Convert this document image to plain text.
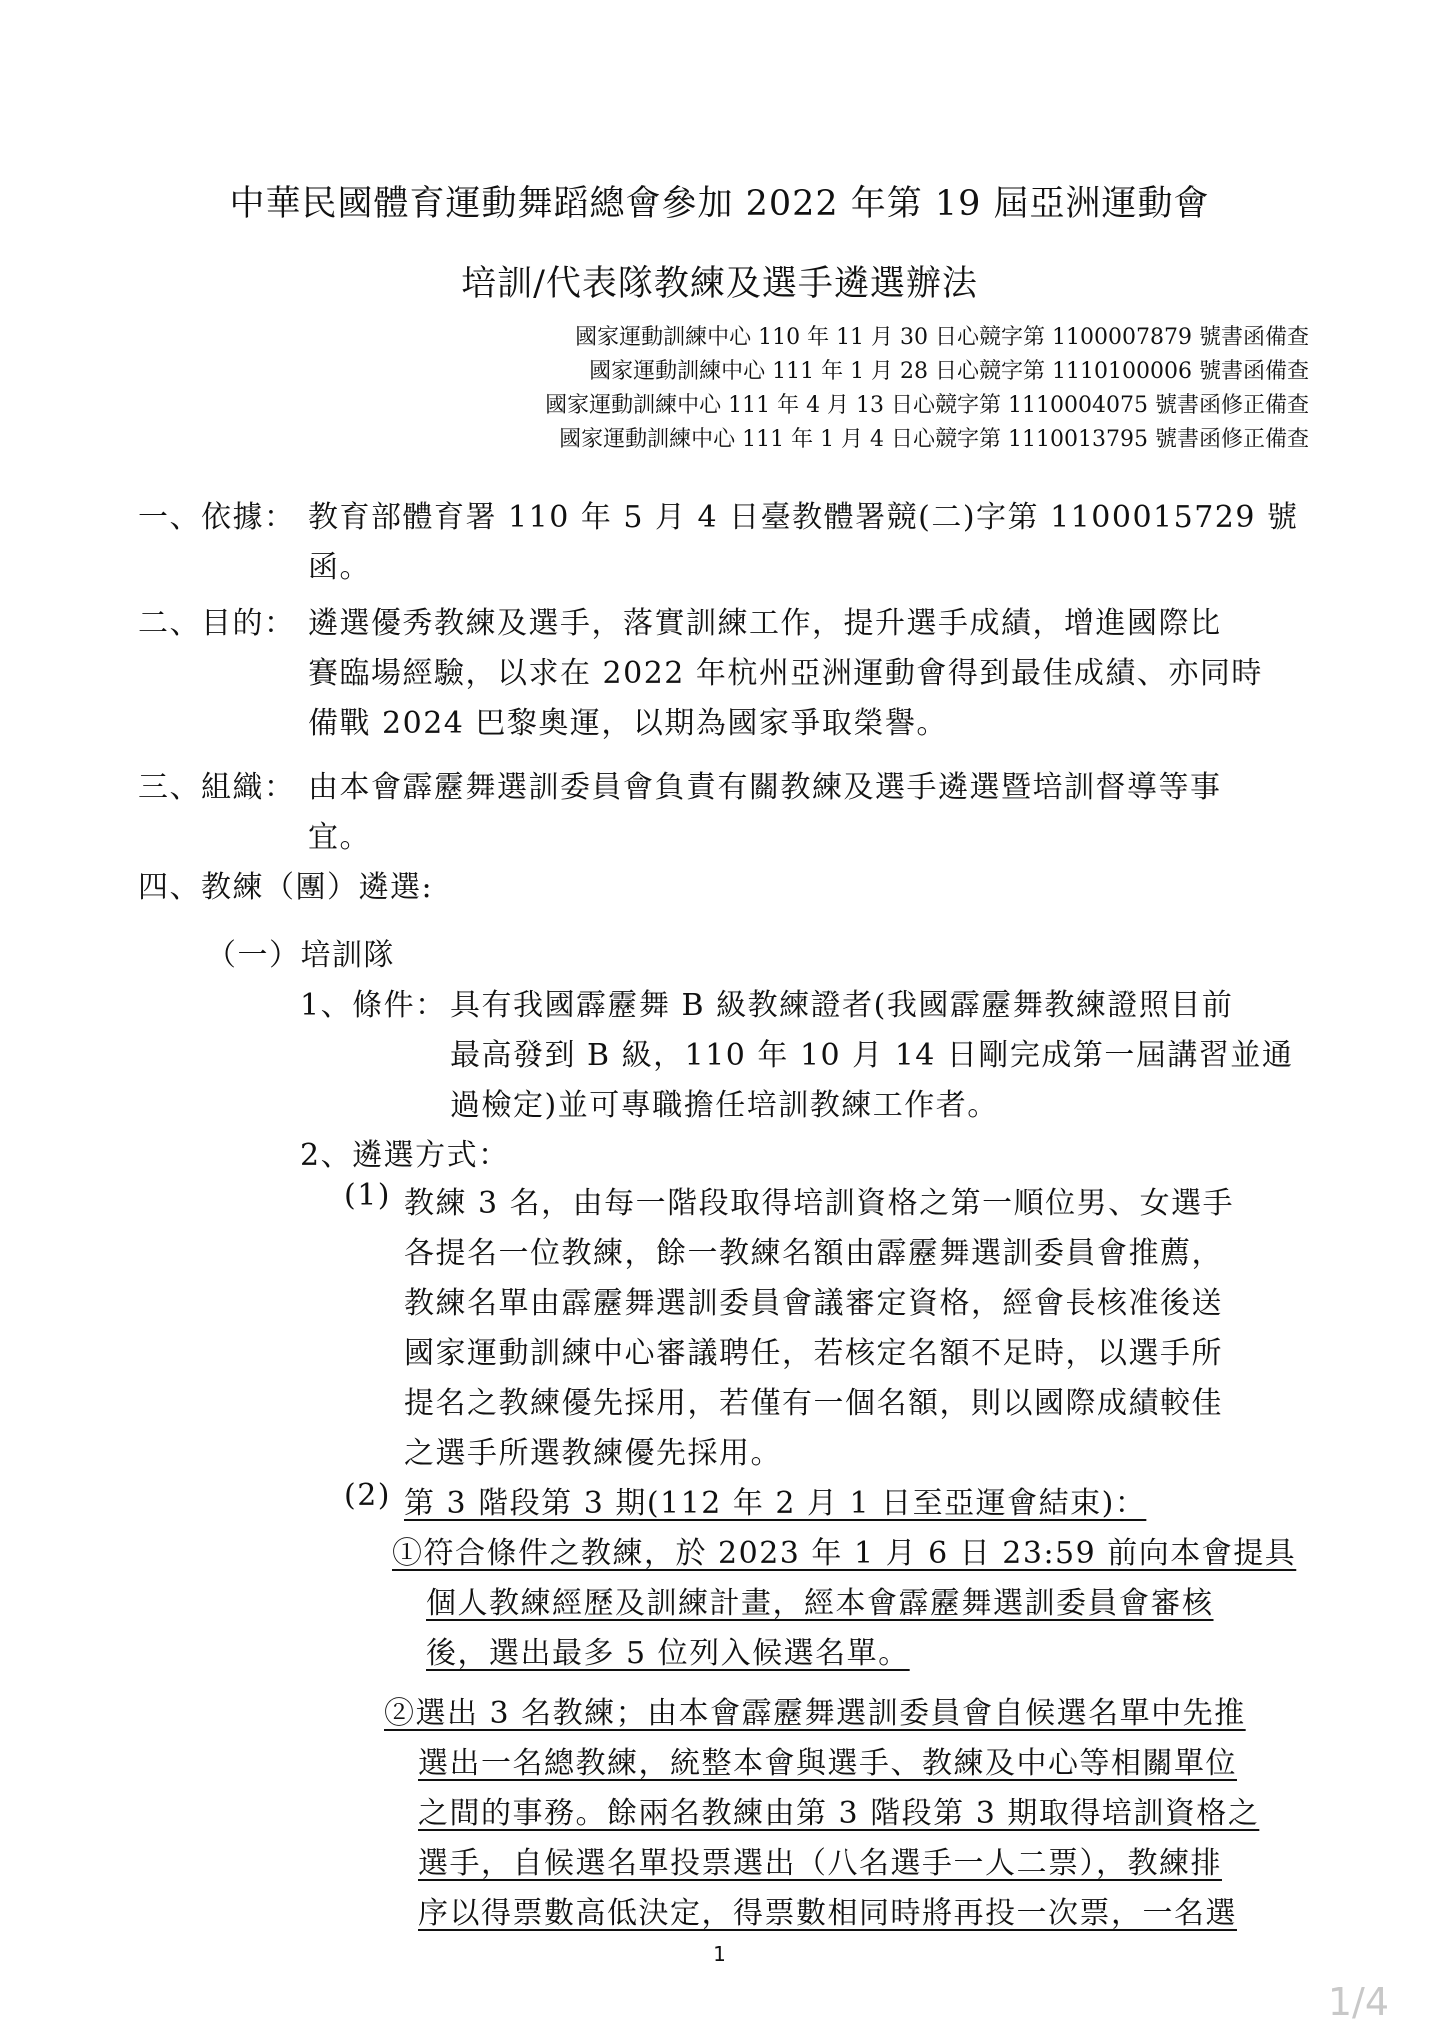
中華民國體育運動舞蹈總會參加 2022 年第 19 屆亞洲運動會
培訓/代表隊教練及選手遴選辦法
國家運動訓練中心 110 年 11 月 30 日心競字第 1100007879 號書函備查
國家運動訓練中心 111 年 1 月 28 日心競字第 1110100006 號書函備查
國家運動訓練中心 111 年 4 月 13 日心競字第 1110004075 號書函修正備查
國家運動訓練中心 111 年 1 月 4 日心競字第 1110013795 號書函修正備查
一、依據： 教育部體育署 110 年 5 月 4 日臺教體署競(二)字第 1100015729 號
函。
二、目的： 遴選優秀教練及選手，落實訓練工作，提升選手成績，增進國際比
賽臨場經驗，以求在 2022 年杭州亞洲運動會得到最佳成績、亦同時
備戰 2024 巴黎奧運，以期為國家爭取榮譽。
三、組織： 由本會霹靂舞選訓委員會負責有關教練及選手遴選暨培訓督導等事
宜。
四、教練（團）遴選:
（一）培訓隊
1、條件： 具有我國霹靂舞 B 級教練證者(我國霹靂舞教練證照目前
最高發到 B 級，110 年 10 月 14 日剛完成第一屆講習並通
過檢定)並可專職擔任培訓教練工作者。
2、遴選方式：
(1) 教練 3 名，由每一階段取得培訓資格之第一順位男、女選手
各提名一位教練，餘一教練名額由霹靂舞選訓委員會推薦，
教練名單由霹靂舞選訓委員會議審定資格，經會長核准後送
國家運動訓練中心審議聘任，若核定名額不足時，以選手所
提名之教練優先採用，若僅有一個名額，則以國際成績較佳
之選手所選教練優先採用。
(2) 第 3 階段第 3 期(112 年 2 月 1 日至亞運會結束)：
①符合條件之教練，於 2023 年 1 月 6 日 23:59 前向本會提具
個人教練經歷及訓練計畫，經本會霹靂舞選訓委員會審核
後，選出最多 5 位列入候選名單。
②選出 3 名教練；由本會霹靂舞選訓委員會自候選名單中先推
選出一名總教練，統整本會與選手、教練及中心等相關單位
之間的事務。餘兩名教練由第 3 階段第 3 期取得培訓資格之
選手，自候選名單投票選出（八名選手一人二票），教練排
序以得票數高低決定，得票數相同時將再投一次票，一名選
1
1/4
